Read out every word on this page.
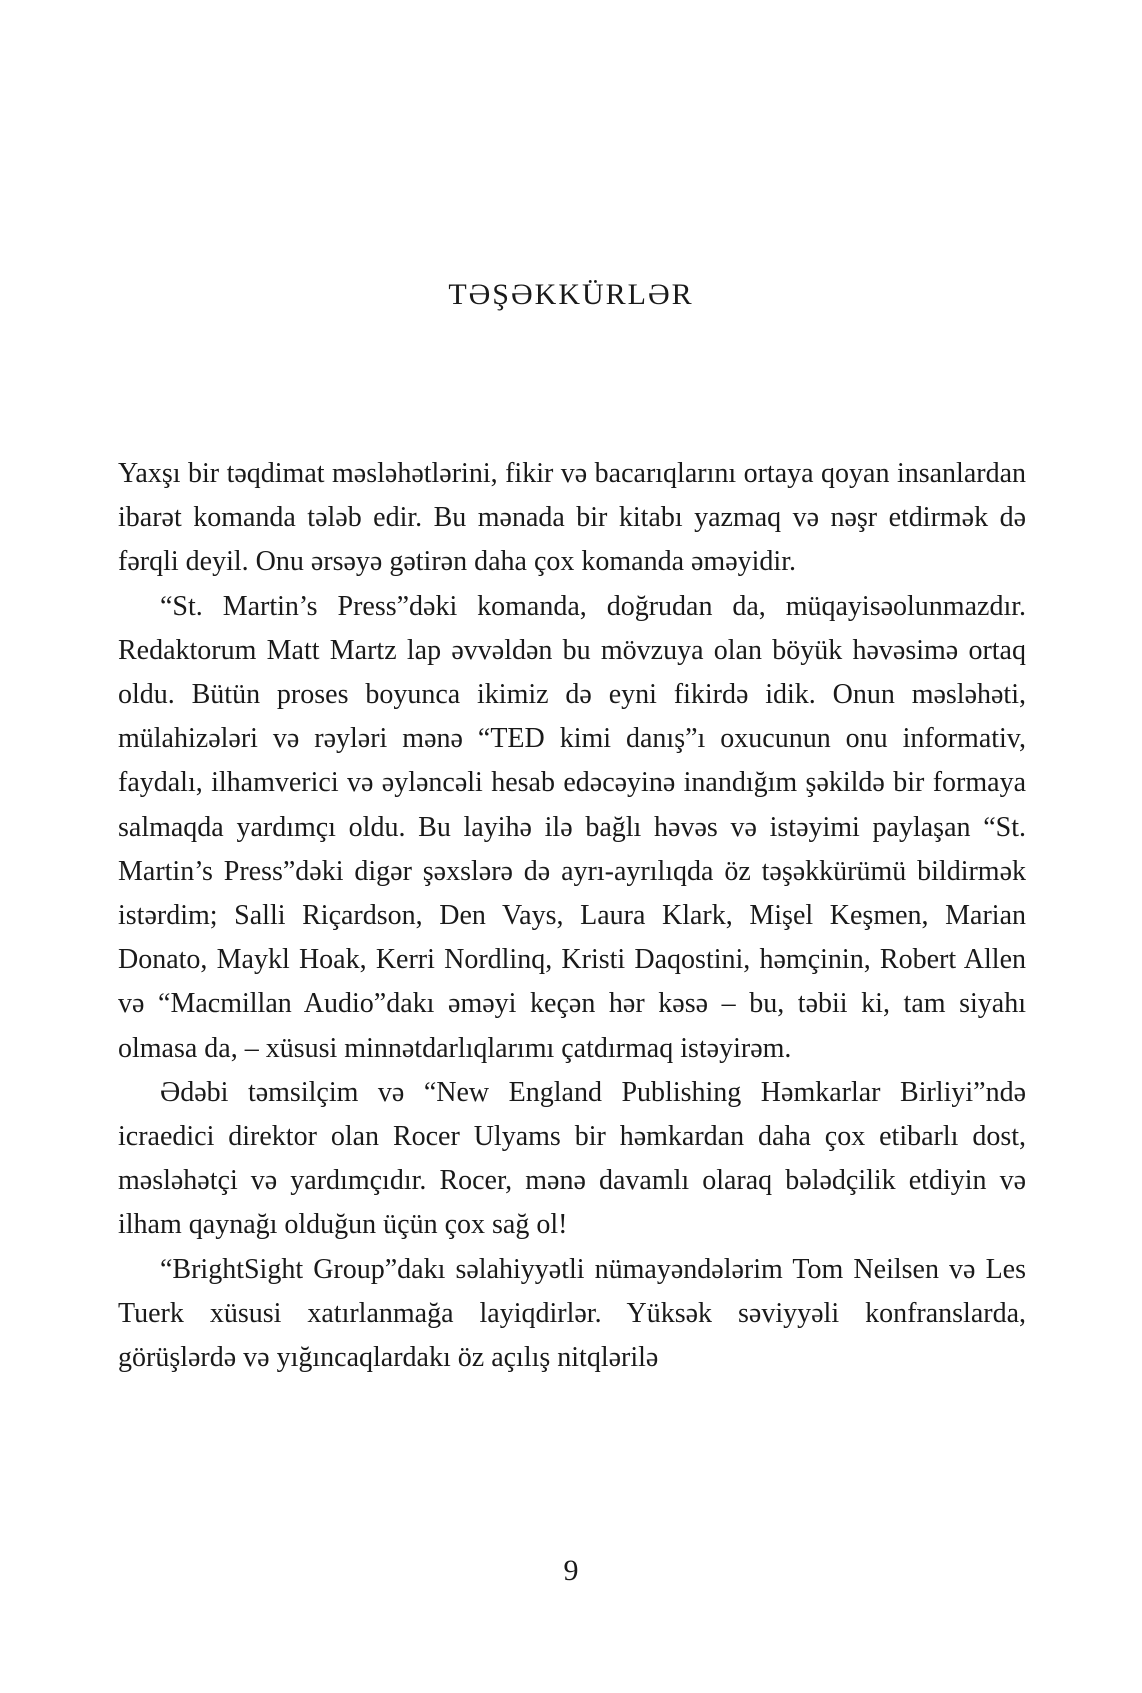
TƏŞƏKKÜRLƏR

Yaxşı bir təqdimat məsləhətlərini, fikir və bacarıqlarını ortaya qoyan insanlardan ibarət komanda tələb edir. Bu mənada bir kitabı yazmaq və nəşr etdirmək də fərqli deyil. Onu ərsəyə gətirən daha çox komanda əməyidir.

“St. Martin’s Press”dəki komanda, doğrudan da, müqayisəolunmazdır. Redaktorum Matt Martz lap əvvəldən bu mövzuya olan böyük həvəsimə ortaq oldu. Bütün proses boyunca ikimiz də eyni fikirdə idik. Onun məsləhəti, mülahizələri və rəyləri mənə “TED kimi danış”ı oxucunun onu informativ, faydalı, ilhamverici və əyləncəli hesab edəcəyinə inandığım şəkildə bir formaya salmaqda yardımçı oldu. Bu layihə ilə bağlı həvəs və istəyimi paylaşan “St. Martin’s Press”dəki digər şəxslərə də ayrı-ayrılıqda öz təşəkkürümü bildirmək istərdim; Salli Riçardson, Den Vays, Laura Klark, Mişel Keşmen, Marian Donato, Maykl Hoak, Kerri Nordlinq, Kristi Daqostini, həmçinin, Robert Allen və “Macmillan Audio”dakı əməyi keçən hər kəsə – bu, təbii ki, tam siyahı olmasa da, – xüsusi minnətdarlıqlarımı çatdırmaq istəyirəm.

Ədəbi təmsilçim və “New England Publishing Həmkarlar Birliyi”ndə icraedici direktor olan Rocer Ulyams bir həmkardan daha çox etibarlı dost, məsləhətçi və yardımçıdır. Rocer, mənə davamlı olaraq bələdçilik etdiyin və ilham qaynağı olduğun üçün çox sağ ol!

“BrightSight Group”dakı səlahiyyətli nümayəndələrim Tom Neilsen və Les Tuerk xüsusi xatırlanmağa layiqdirlər. Yüksək səviyyəli konfranslarda, görüşlərdə və yığıncaqlardakı öz açılış nitqlərilə

9
